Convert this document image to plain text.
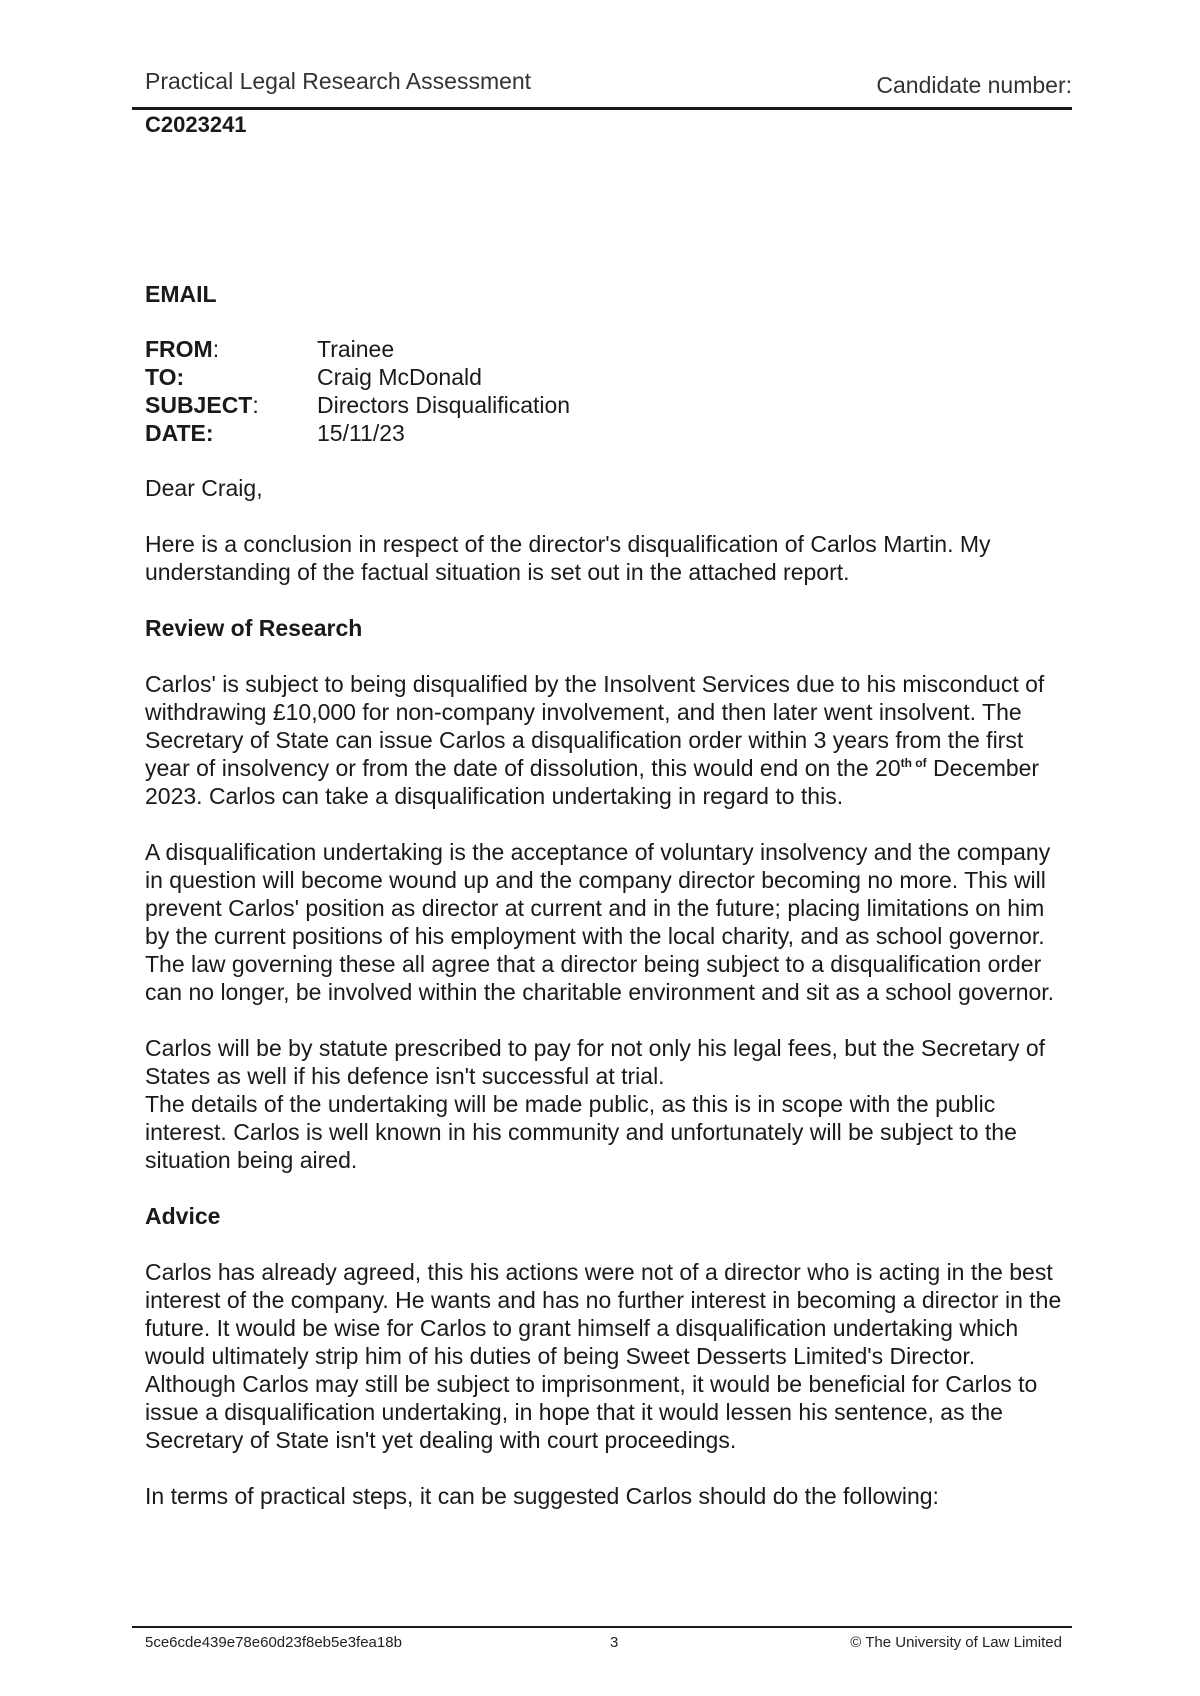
Practical Legal Research Assessment	Candidate number:
C2023241

EMAIL

FROM:	Trainee
TO:	Craig McDonald
SUBJECT:	Directors Disqualification
DATE:	15/11/23

Dear Craig,

Here is a conclusion in respect of the director's disqualification of Carlos Martin. My understanding of the factual situation is set out in the attached report.

Review of Research

Carlos' is subject to being disqualified by the Insolvent Services due to his misconduct of withdrawing £10,000 for non-company involvement, and then later went insolvent. The Secretary of State can issue Carlos a disqualification order within 3 years from the first year of insolvency or from the date of dissolution, this would end on the $20^{th of}$ December 2023. Carlos can take a disqualification undertaking in regard to this.

A disqualification undertaking is the acceptance of voluntary insolvency and the company in question will become wound up and the company director becoming no more. This will prevent Carlos' position as director at current and in the future; placing limitations on him by the current positions of his employment with the local charity, and as school governor. The law governing these all agree that a director being subject to a disqualification order can no longer, be involved within the charitable environment and sit as a school governor.

Carlos will be by statute prescribed to pay for not only his legal fees, but the Secretary of States as well if his defence isn't successful at trial.

The details of the undertaking will be made public, as this is in scope with the public interest. Carlos is well known in his community and unfortunately will be subject to the situation being aired.

Advice

Carlos has already agreed, this his actions were not of a director who is acting in the best interest of the company. He wants and has no further interest in becoming a director in the future. It would be wise for Carlos to grant himself a disqualification undertaking which would ultimately strip him of his duties of being Sweet Desserts Limited's Director. Although Carlos may still be subject to imprisonment, it would be beneficial for Carlos to issue a disqualification undertaking, in hope that it would lessen his sentence, as the Secretary of State isn't yet dealing with court proceedings.

In terms of practical steps, it can be suggested Carlos should do the following:

5ce6cde439e78e60d23f8eb5e3fea18b	3	© The University of Law Limited
